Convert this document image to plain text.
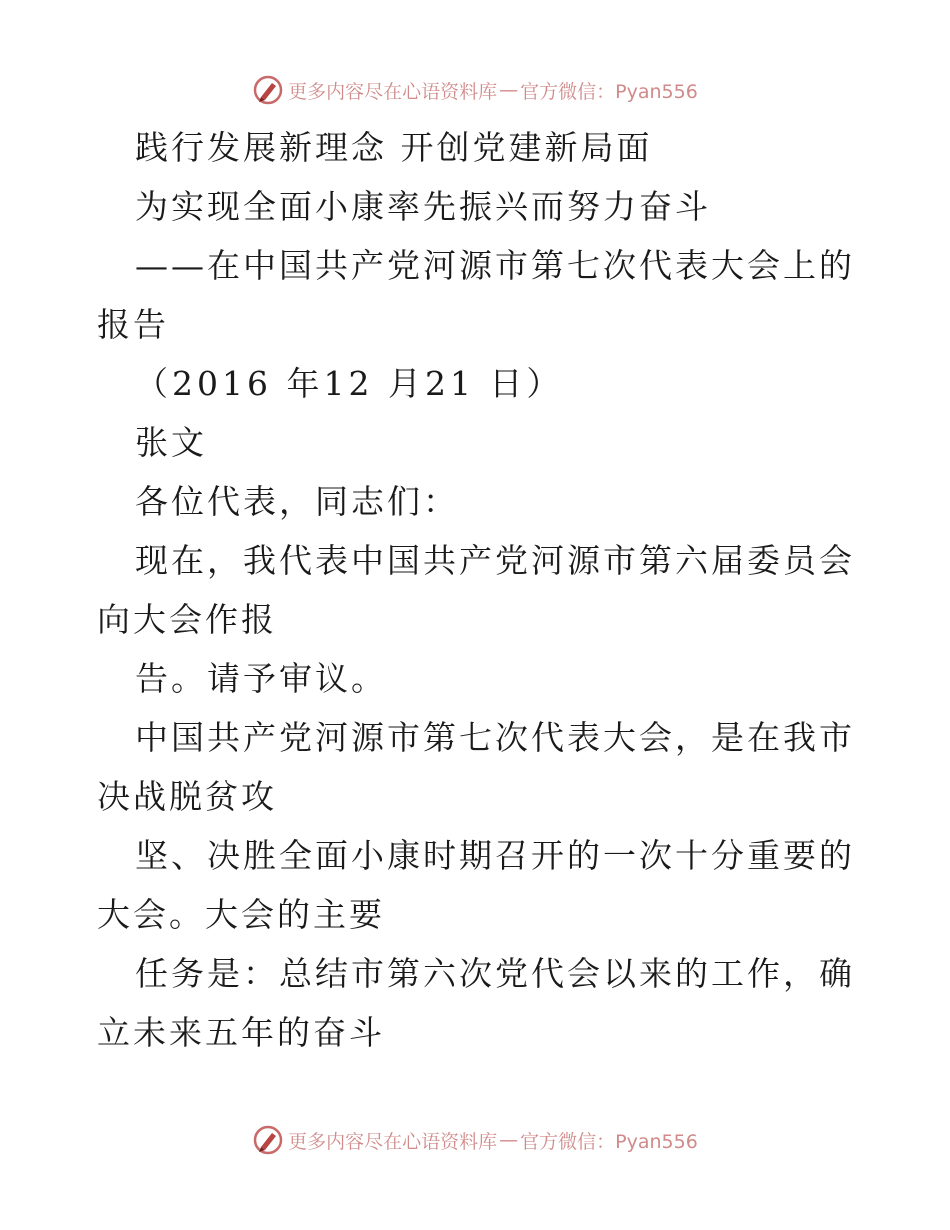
更多内容尽在心语资料库 — 官方微信：Pyan556

践行发展新理念 开创党建新局面

为实现全面小康率先振兴而努力奋斗

——在中国共产党河源市第七次代表大会上的报告

（2016 年12 月21 日）

张文

各位代表，同志们：

现在，我代表中国共产党河源市第六届委员会向大会作报

告。请予审议。

中国共产党河源市第七次代表大会，是在我市决战脱贫攻

坚、决胜全面小康时期召开的一次十分重要的大会。大会的主要

任务是：总结市第六次党代会以来的工作，确立未来五年的奋斗

更多内容尽在心语资料库 — 官方微信：Pyan556
